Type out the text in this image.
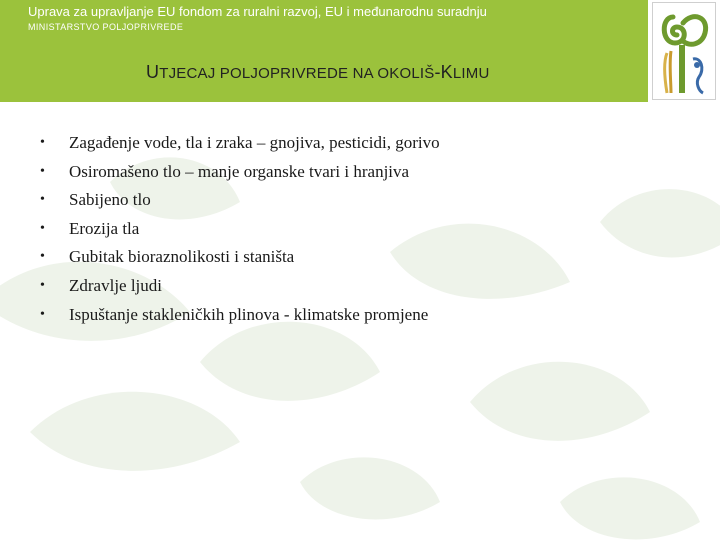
Uprava za upravljanje EU fondom za ruralni razvoj, EU i međunarodnu suradnju
MINISTARSTVO POLJOPRIVREDE
UTJECAJ POLJOPRIVREDE NA OKOLIŠ-KLIMU
• Zagađenje vode, tla i zraka – gnojiva, pesticidi, gorivo
• Osiromašeno tlo – manje organske tvari i hranjiva
• Sabijeno tlo
• Erozija tla
• Gubitak bioraznolikosti i staništa
• Zdravlje ljudi
• Ispuštanje stakleničkih plinova - klimatske promjene
